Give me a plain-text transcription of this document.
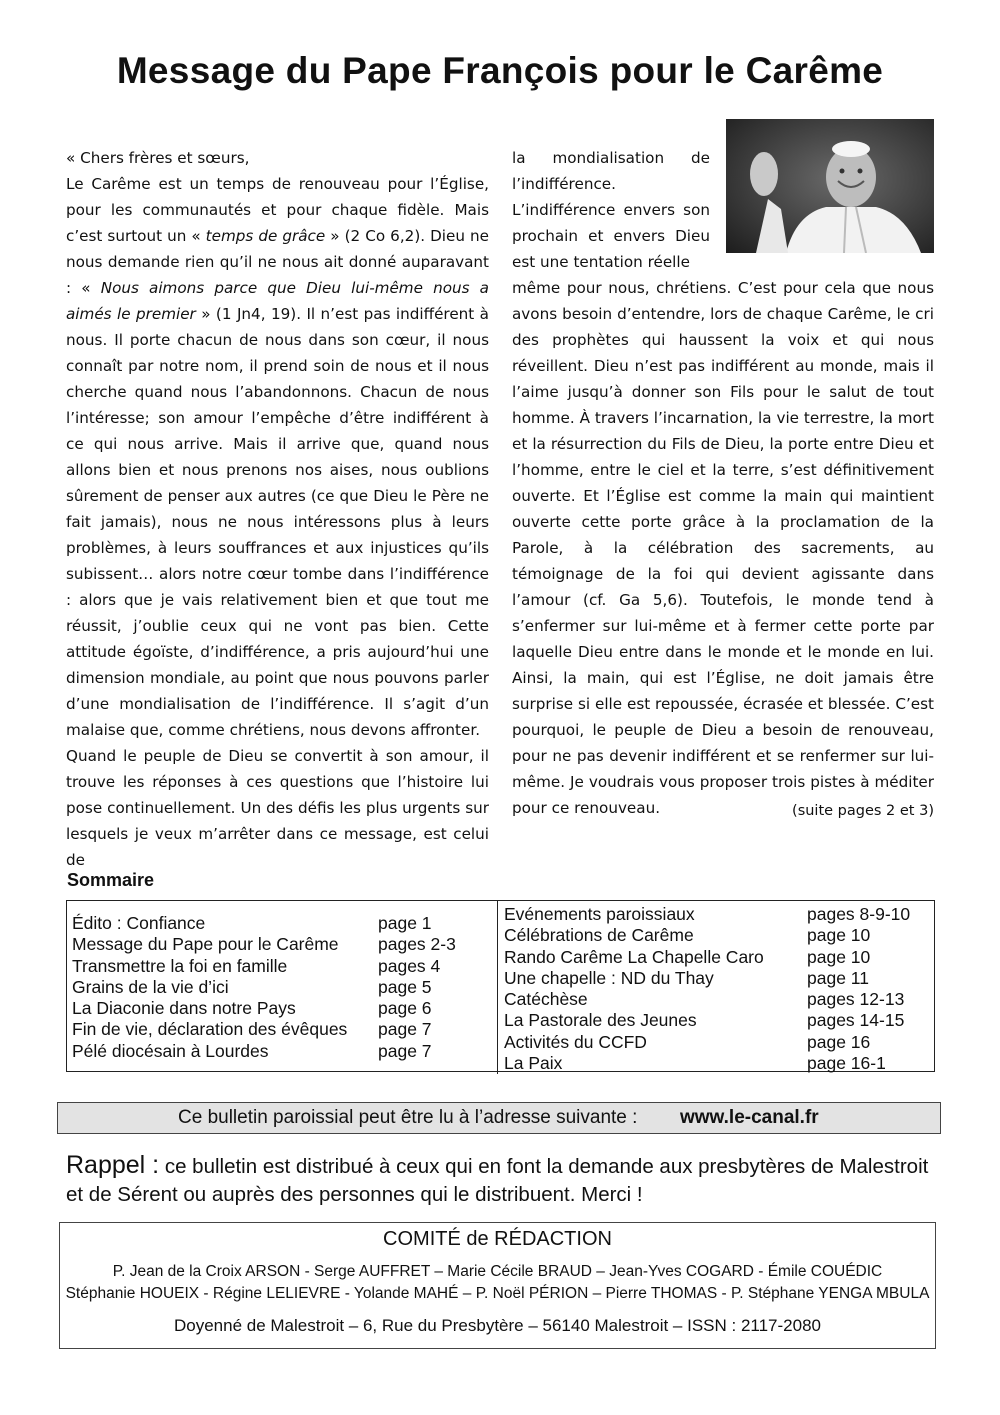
Message du Pape François pour le Carême

« Chers frères et sœurs,

Le Carême est un temps de renouveau pour l’Église, pour les communautés et pour chaque fidèle. Mais c’est surtout un « temps de grâce » (2 Co 6,2). Dieu ne nous demande rien qu’il ne nous ait donné auparavant : « Nous aimons parce que Dieu lui-même nous a aimés le premier » (1 Jn4, 19). Il n’est pas indifférent à nous. Il porte chacun de nous dans son cœur, il nous connaît par notre nom, il prend soin de nous et il nous cherche quand nous l’abandonnons. Chacun de nous l’intéresse; son amour l’empêche d’être indifférent à ce qui nous arrive. Mais il arrive que, quand nous allons bien et nous prenons nos aises, nous oublions sûrement de penser aux autres (ce que Dieu le Père ne fait jamais), nous ne nous intéressons plus à leurs problèmes, à leurs souffrances et aux injustices qu’ils subissent… alors notre cœur tombe dans l’indifférence : alors que je vais relativement bien et que tout me réussit, j’oublie ceux qui ne vont pas bien. Cette attitude égoïste, d’indifférence, a pris aujourd’hui une dimension mondiale, au point que nous pouvons parler d’une mondialisation de l’indifférence. Il s’agit d’un malaise que, comme chrétiens, nous devons affronter.

Quand le peuple de Dieu se convertit à son amour, il trouve les réponses à ces questions que l’histoire lui pose continuellement. Un des défis les plus urgents sur lesquels je veux m’arrêter dans ce message, est celui de

la mondialisation de l’indifférence.

L’indifférence envers son prochain et envers Dieu est une tentation réelle

même pour nous, chrétiens. C’est pour cela que nous avons besoin d’entendre, lors de chaque Carême, le cri des prophètes qui haussent la voix et qui nous réveillent. Dieu n’est pas indifférent au monde, mais il l’aime jusqu’à donner son Fils pour le salut de tout homme. À travers l’incarnation, la vie terrestre, la mort et la résurrection du Fils de Dieu, la porte entre Dieu et l’homme, entre le ciel et la terre, s’est définitivement ouverte. Et l’Église est comme la main qui maintient ouverte cette porte grâce à la proclamation de la Parole, à la célébration des sacrements, au témoignage de la foi qui devient agissante dans l’amour (cf. Ga 5,6). Toutefois, le monde tend à s’enfermer sur lui-même et à fermer cette porte par laquelle Dieu entre dans le monde et le monde en lui. Ainsi, la main, qui est l’Église, ne doit jamais être surprise si elle est repoussée, écrasée et blessée. C’est pourquoi, le peuple de Dieu a besoin de renouveau, pour ne pas devenir indifférent et se renfermer sur lui-même. Je voudrais vous proposer trois pistes à méditer pour ce renouveau.	(suite pages 2 et 3)
Sommaire
Édito : Confiance	page 1
Message du Pape pour le Carême pages 2-3
Transmettre la foi en famille	pages 4
Grains de la vie d’ici	page 5
La Diaconie dans notre Pays	page 6
Fin de vie, déclaration des évêques page 7
Pélé diocésain à Lourdes	page 7
Evénements paroissiaux	pages 8-9-10
Célébrations de Carême	page 10
Rando Carême La Chapelle Caro page 10
Une chapelle : ND du Thay	page 11
Catéchèse	pages 12-13
La Pastorale des Jeunes	pages 14-15
Activités du CCFD	page 16
La Paix	page 16-1
Ce bulletin paroissial peut être lu à l’adresse suivante : www.le-canal.fr
Rappel : ce bulletin est distribué à ceux qui en font la demande aux presbytères de Malestroit et de Sérent ou auprès des personnes qui le distribuent. Merci !
COMITÉ de RÉDACTION
P. Jean de la Croix ARSON - Serge AUFFRET – Marie Cécile BRAUD – Jean-Yves COGARD - Émile COUÉDIC
Stéphanie HOUEIX - Régine LELIEVRE - Yolande MAHÉ – P. Noël PÉRION – Pierre THOMAS - P. Stéphane YENGA MBULA
Doyenné de Malestroit – 6, Rue du Presbytère – 56140 Malestroit – ISSN : 2117-2080
